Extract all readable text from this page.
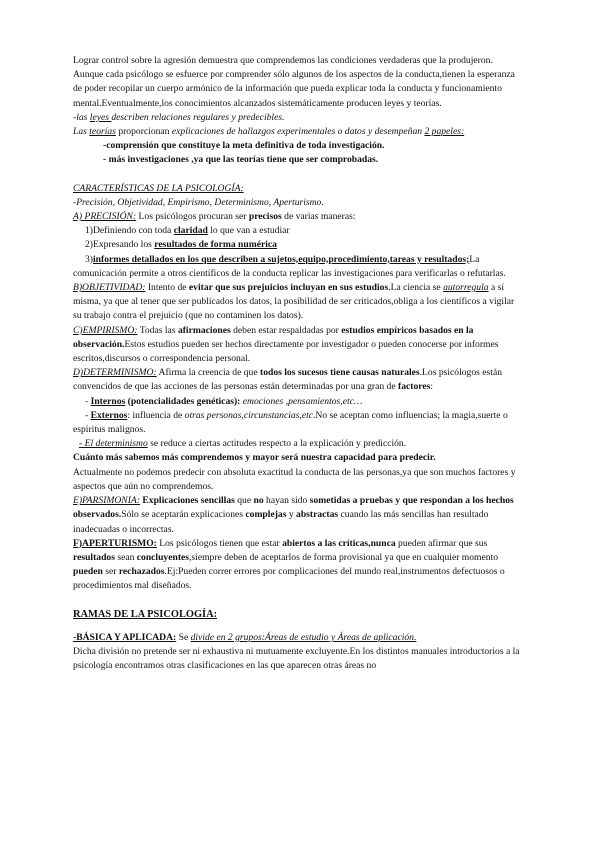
Lograr control sobre la agresión demuestra que comprendemos las condiciones verdaderas que la produjeron.

Aunque cada psicólogo se esfuerce por comprender sólo algunos de los aspectos de la conducta,tienen la esperanza de poder recopilar un cuerpo armónico de la información que pueda explicar toda la conducta y funcionamiento mental.Eventualmente,los conocimientos alcanzados sistemáticamente producen leyes y teorías.

-las leyes describen relaciones regulares y predecibles.

Las teorías proporcionan explicaciones de hallazgos experimentales o datos y desempeñan 2 papeles:

-comprensión que constituye la meta definitiva de toda investigación.

- más investigaciones ,ya que las teorías tiene que ser comprobadas.

CARACTERÍSTICAS DE LA PSICOLOGÍA:

-Precisión, Objetividad, Empirismo, Determinismo, Aperturismo.

A) PRECISIÓN: Los psicólogos procuran ser precisos de varias maneras:

1)Definiendo con toda claridad lo que van a estudiar

2)Expresando los resultados de forma numérica

3)informes detallados en los que describen a sujetos,equipo,procedimiento,tareas y resultados;La comunicación permite a otros científicos de la conducta replicar las investigaciones para verificarlas o refutarlas.

B)OBJETIVIDAD: Intento de evitar que sus prejuicios incluyan en sus estudios.La ciencia se autorregula a sí misma, ya que al tener que ser publicados los datos, la posibilidad de ser criticados,obliga a los científicos a vigilar su trabajo contra el prejuicio (que no contaminen los datos).

C)EMPIRISMO: Todas las afirmaciones deben estar respaldadas por estudios empíricos basados en la observación.Estos estudios pueden ser hechos directamente por investigador o pueden conocerse por informes escritos,discursos o correspondencia personal.

D)DETERMINISMO: Afirma la creencia de que todos los sucesos tiene causas naturales.Los psicólogos están convencidos de que las acciones de las personas están determinadas por una gran de factores:

- Internos (potencialidades genéticas): emociones ,pensamientos,etc…

- Externos: influencia de otras personas,circunstancias,etc.No se aceptan como influencias; la magia,suerte o espíritus malignos.

- El determinismo se reduce a ciertas actitudes respecto a la explicación y predicción.

Cuánto más sabemos más comprendemos y mayor será nuestra capacidad para predecir.

Actualmente no podemos predecir con absoluta exactitud la conducta de las personas,ya que son muchos factores y aspectos que aún no comprendemos.

E)PARSIMONIA: Explicaciones sencillas que no hayan sido sometidas a pruebas y que respondan a los hechos observados.Sólo se aceptarán explicaciones complejas y abstractas cuando las más sencillas han resultado inadecuadas o incorrectas.

F)APERTURISMO: Los psicólogos tienen que estar abiertos a las críticas,nunca pueden afirmar que sus resultados sean concluyentes,siempre deben de aceptarlos de forma provisional ya que en cualquier momento pueden ser rechazados.Ej:Pueden correr errores por complicaciones del mundo real,instrumentos defectuosos o procedimientos mal diseñados.

RAMAS DE LA PSICOLOGÍA:

-BÁSICA Y APLICADA: Se divide en 2 grupos:Áreas de estudio y Áreas de aplicación.

Dicha división no pretende ser ni exhaustiva ni mutuamente excluyente.En los distintos manuales introductorios a la psicología encontramos otras clasificaciones en las que aparecen otras áreas no
